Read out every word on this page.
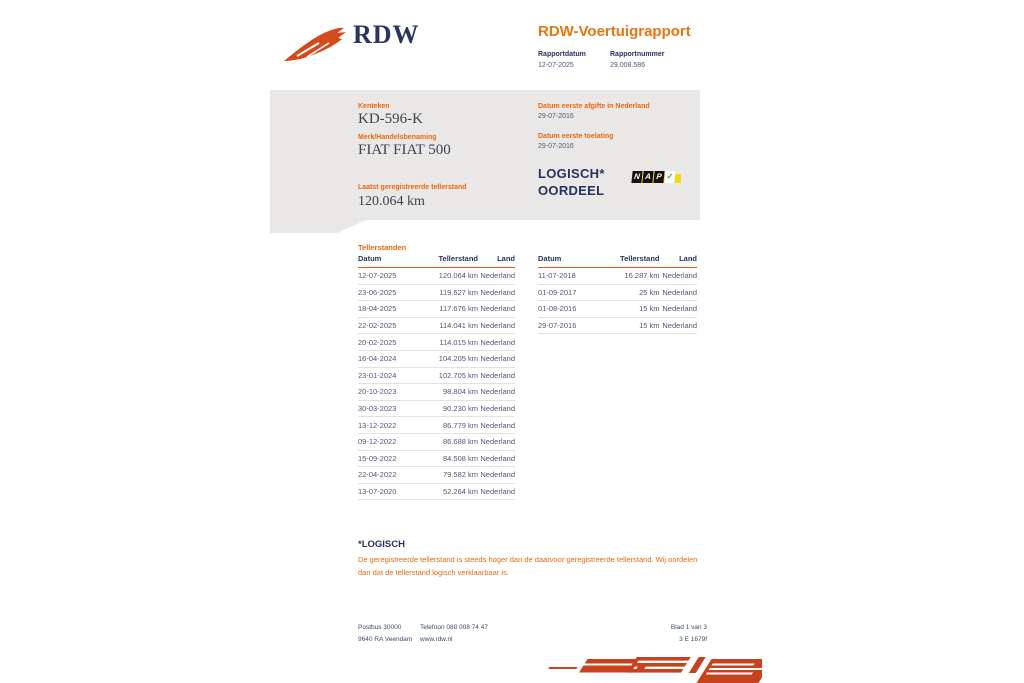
RDW	RDW-Voertuigrapport
Rapportdatum	Rapportnummer
12-07-2025	29.008.586
Kenteken
KD-596-K
Merk/Handelsbenaming
FIAT FIAT 500
Laatst geregistreerde tellerstand
120.064 km
Datum eerste afgifte in Nederland
29-07-2016
Datum eerste toelating
29-07-2016
LOGISCH*
OORDEEL
N A P ✓
Tellerstanden
Datum	Tellerstand	Land
12-07-2025	120.064 km	Nederland
23-06-2025	119.627 km	Nederland
18-04-2025	117.676 km	Nederland
22-02-2025	114.041 km	Nederland
20-02-2025	114.015 km	Nederland
16-04-2024	104.205 km	Nederland
23-01-2024	102.705 km	Nederland
20-10-2023	98.804 km	Nederland
30-03-2023	90.230 km	Nederland
13-12-2022	86.779 km	Nederland
09-12-2022	86.688 km	Nederland
15-09-2022	84.508 km	Nederland
22-04-2022	79.582 km	Nederland
13-07-2020	52.264 km	Nederland
Datum	Tellerstand	Land
11-07-2018	16.287 km	Nederland
01-09-2017	25 km	Nederland
01-08-2016	15 km	Nederland
29-07-2016	15 km	Nederland
*LOGISCH
De geregistreerde tellerstand is steeds hoger dan de daarvoor geregistreerde tellerstand. Wij oordelen dan dat de tellerstand logisch verklaarbaar is.
Postbus 30000	Telefoon 088 008 74 47	Blad 1 van 3
9640 RA Veendam	www.rdw.nl	3 E 1679f
